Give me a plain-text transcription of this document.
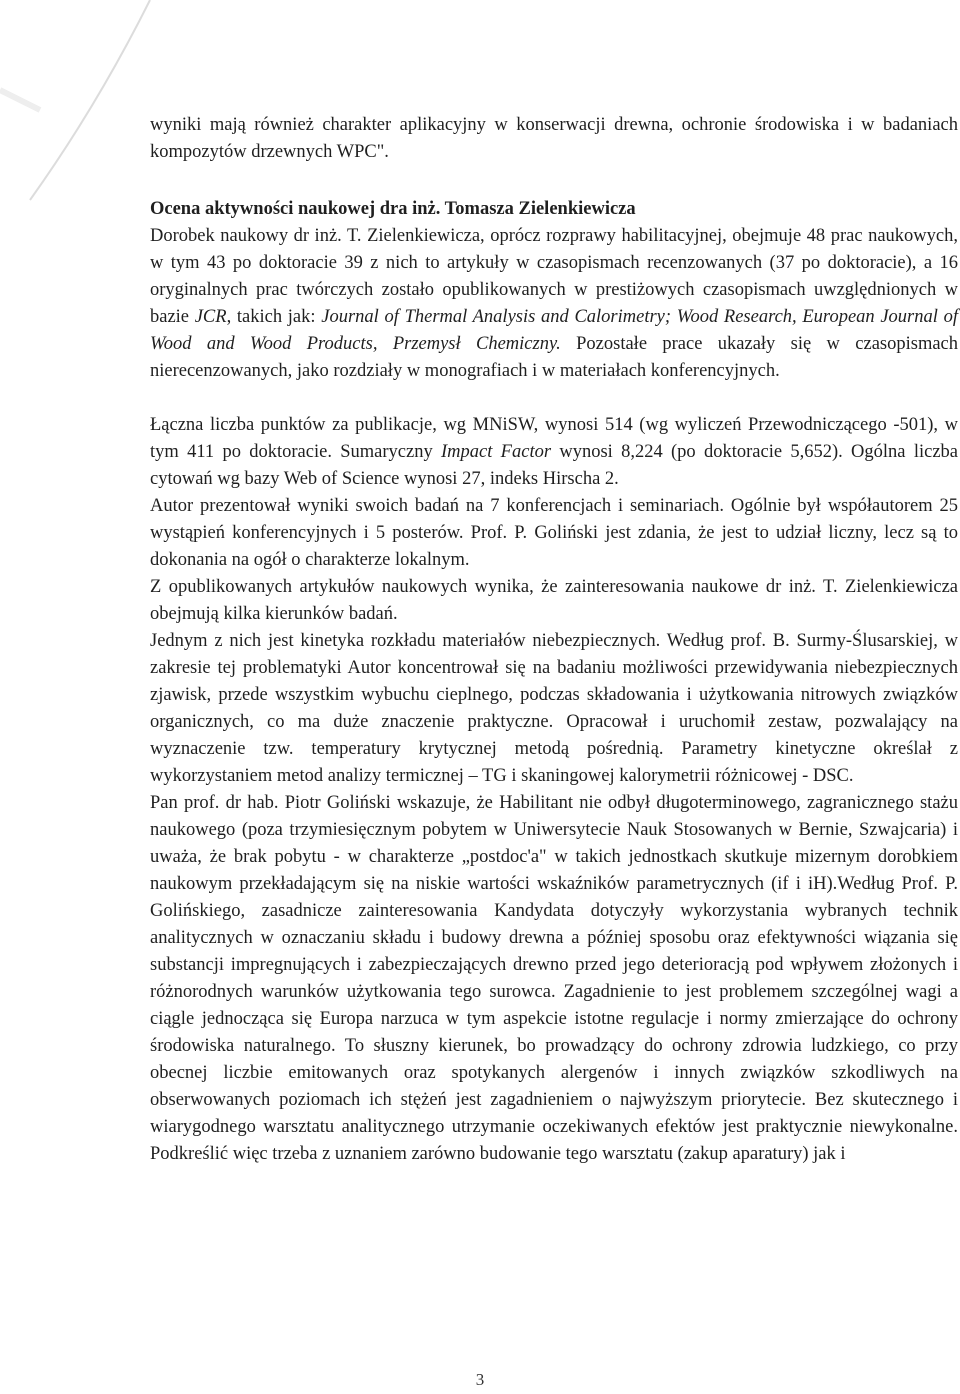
wyniki mają również charakter aplikacyjny w konserwacji drewna, ochronie środowiska i w badaniach kompozytów drzewnych WPC".

Ocena aktywności naukowej dra inż. Tomasza Zielenkiewicza

Dorobek naukowy dr inż. T. Zielenkiewicza, oprócz rozprawy habilitacyjnej, obejmuje 48 prac naukowych, w tym 43 po doktoracie 39 z nich to artykuły w czasopismach recenzowanych (37 po doktoracie), a 16 oryginalnych prac twórczych zostało opublikowanych w prestiżowych czasopismach uwzględnionych w bazie JCR, takich jak: Journal of Thermal Analysis and Calorimetry; Wood Research, European Journal of Wood and Wood Products, Przemysł Chemiczny. Pozostałe prace ukazały się w czasopismach nierecenzowanych, jako rozdziały w monografiach i w materiałach konferencyjnych.

Łączna liczba punktów za publikacje, wg MNiSW, wynosi 514 (wg wyliczeń Przewodniczącego -501), w tym 411 po doktoracie. Sumaryczny Impact Factor wynosi 8,224 (po doktoracie 5,652). Ogólna liczba cytowań wg bazy Web of Science wynosi 27, indeks Hirscha 2.

Autor prezentował wyniki swoich badań na 7 konferencjach i seminariach. Ogólnie był współautorem 25 wystąpień konferencyjnych i 5 posterów. Prof. P. Goliński jest zdania, że jest to udział liczny, lecz są to dokonania na ogół o charakterze lokalnym.

Z opublikowanych artykułów naukowych wynika, że zainteresowania naukowe dr inż. T. Zielenkiewicza obejmują kilka kierunków badań.

Jednym z nich jest kinetyka rozkładu materiałów niebezpiecznych. Według prof. B. Surmy-Ślusarskiej, w zakresie tej problematyki Autor koncentrował się na badaniu możliwości przewidywania niebezpiecznych zjawisk, przede wszystkim wybuchu cieplnego, podczas składowania i użytkowania nitrowych związków organicznych, co ma duże znaczenie praktyczne. Opracował i uruchomił zestaw, pozwalający na wyznaczenie tzw. temperatury krytycznej metodą pośrednią. Parametry kinetyczne określał z wykorzystaniem metod analizy termicznej – TG i skaningowej kalorymetrii różnicowej - DSC.

Pan prof. dr hab. Piotr Goliński wskazuje, że Habilitant nie odbył długoterminowego, zagranicznego stażu naukowego (poza trzymiesięcznym pobytem w Uniwersytecie Nauk Stosowanych w Bernie, Szwajcaria) i uważa, że brak pobytu - w charakterze „postdoc'a" w takich jednostkach skutkuje mizernym dorobkiem naukowym przekładającym się na niskie wartości wskaźników parametrycznych (if i iH).Według Prof. P. Golińskiego, zasadnicze zainteresowania Kandydata dotyczyły wykorzystania wybranych technik analitycznych w oznaczaniu składu i budowy drewna a później sposobu oraz efektywności wiązania się substancji impregnujących i zabezpieczających drewno przed jego deterioracją pod wpływem złożonych i różnorodnych warunków użytkowania tego surowca. Zagadnienie to jest problemem szczególnej wagi a ciągle jednocząca się Europa narzuca w tym aspekcie istotne regulacje i normy zmierzające do ochrony środowiska naturalnego. To słuszny kierunek, bo prowadzący do ochrony zdrowia ludzkiego, co przy obecnej liczbie emitowanych oraz spotykanych alergenów i innych związków szkodliwych na obserwowanych poziomach ich stężeń jest zagadnieniem o najwyższym priorytecie. Bez skutecznego i wiarygodnego warsztatu analitycznego utrzymanie oczekiwanych efektów jest praktycznie niewykonalne. Podkreślić więc trzeba z uznaniem zarówno budowanie tego warsztatu (zakup aparatury) jak i

3
